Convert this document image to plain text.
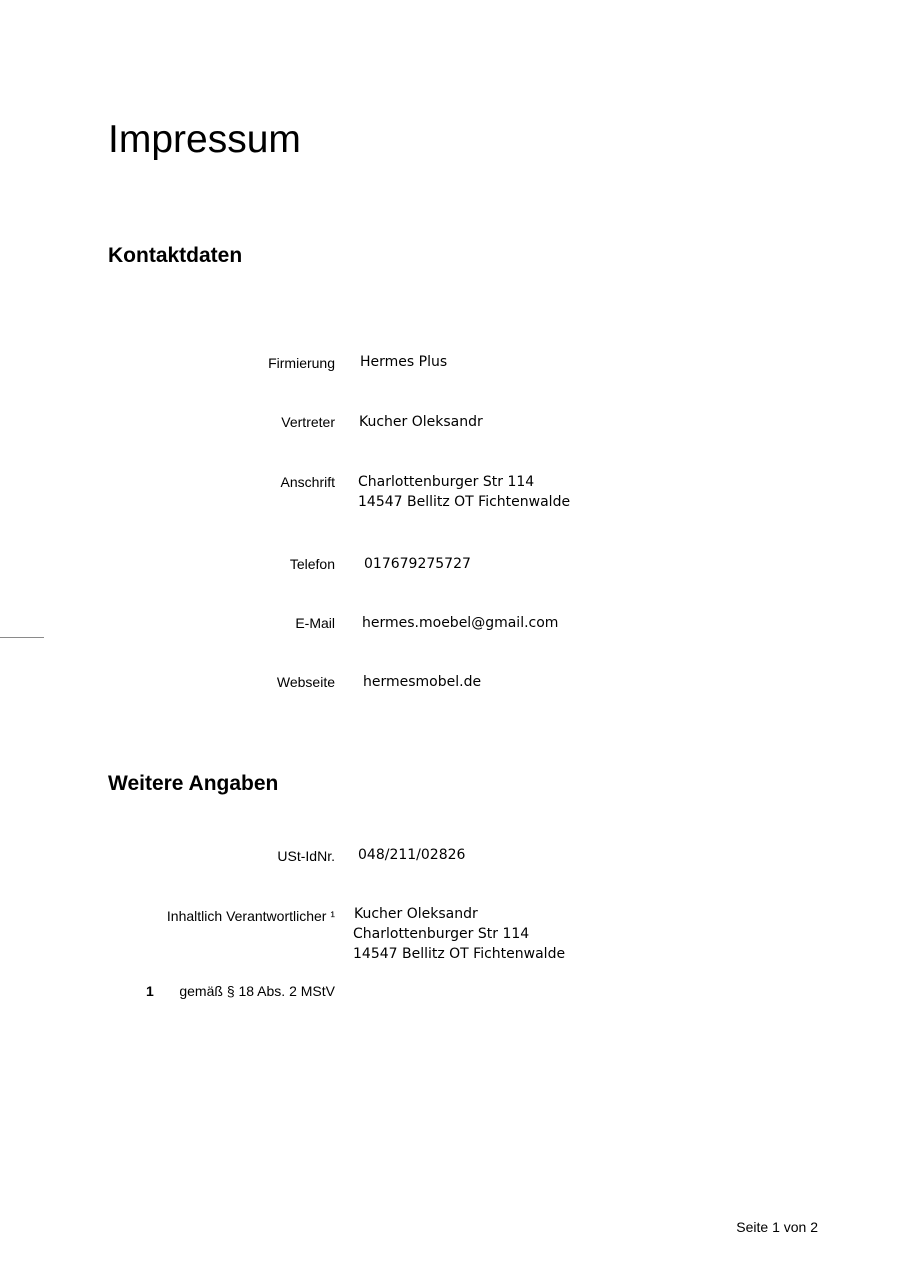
Impressum
Kontaktdaten
Firmierung Hermes Plus
Vertreter Kucher Oleksandr
Anschrift Charlottenburger Str 114
14547 Bellitz OT Fichtenwalde
Telefon 017679275727
E-Mail hermes.moebel@gmail.com
Webseite hermesmobel.de
Weitere Angaben
USt-IdNr. 048/211/02826
Inhaltlich Verantwortlicher ¹ Kucher Oleksandr
Charlottenburger Str 114
14547 Bellitz OT Fichtenwalde
1 gemäß § 18 Abs. 2 MStV
Seite 1 von 2
